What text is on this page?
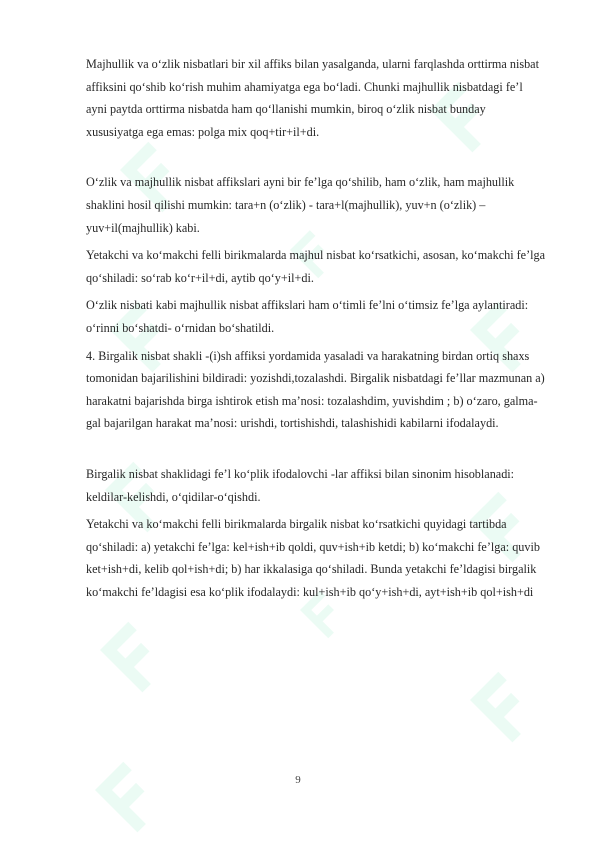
Majhullik va o‘zlik nisbatlari bir xil affiks bilan yasalganda, ularni farqlashda orttirma nisbat affiksini qo‘shib ko‘rish muhim ahamiyatga ega bo‘ladi. Chunki majhullik nisbatdagi fe’l ayni paytda orttirma nisbatda ham qo‘llanishi mumkin, biroq o‘zlik nisbat bunday xususiyatga ega emas: polga mix qoq+tir+il+di.

O‘zlik va majhullik nisbat affikslari ayni bir fe’lga qo‘shilib, ham o‘zlik, ham majhullik shaklini hosil qilishi mumkin: tara+n (o‘zlik) - tara+l(majhullik), yuv+n (o‘zlik) – yuv+il(majhullik) kabi.

Yetakchi va ko‘makchi felli birikmalarda majhul nisbat ko‘rsatkichi, asosan, ko‘makchi fe’lga qo‘shiladi: so‘rab ko‘r+il+di, aytib qo‘y+il+di.

O‘zlik nisbati kabi majhullik nisbat affikslari ham o‘timli fe’lni o‘timsiz fe’lga aylantiradi: o‘rinni bo‘shatdi- o‘rnidan bo‘shatildi.

4. Birgalik nisbat shakli -(i)sh affiksi yordamida yasaladi va harakatning birdan ortiq shaxs tomonidan bajarilishini bildiradi: yozishdi,tozalashdi. Birgalik nisbatdagi fe’llar mazmunan a) harakatni bajarishda birga ishtirok etish ma’nosi: tozalashdim, yuvishdim ; b) o‘zaro, galma-gal bajarilgan harakat ma’nosi: urishdi, tortishishdi, talashishidi kabilarni ifodalaydi.

Birgalik nisbat shaklidagi fe’l ko‘plik ifodalovchi -lar affiksi bilan sinonim hisoblanadi: keldilar-kelishdi, o‘qidilar-o‘qishdi.

Yetakchi va ko‘makchi felli birikmalarda birgalik nisbat ko‘rsatkichi quyidagi tartibda qo‘shiladi: a) yetakchi fe’lga: kel+ish+ib qoldi, quv+ish+ib ketdi; b) ko‘makchi fe’lga: quvib ket+ish+di, kelib qol+ish+di; b) har ikkalasiga qo‘shiladi. Bunda yetakchi fe’ldagisi birgalik ko‘makchi fe’ldagisi esa ko‘plik ifodalaydi: kul+ish+ib qo‘y+ish+di, ayt+ish+ib qol+ish+di

9
